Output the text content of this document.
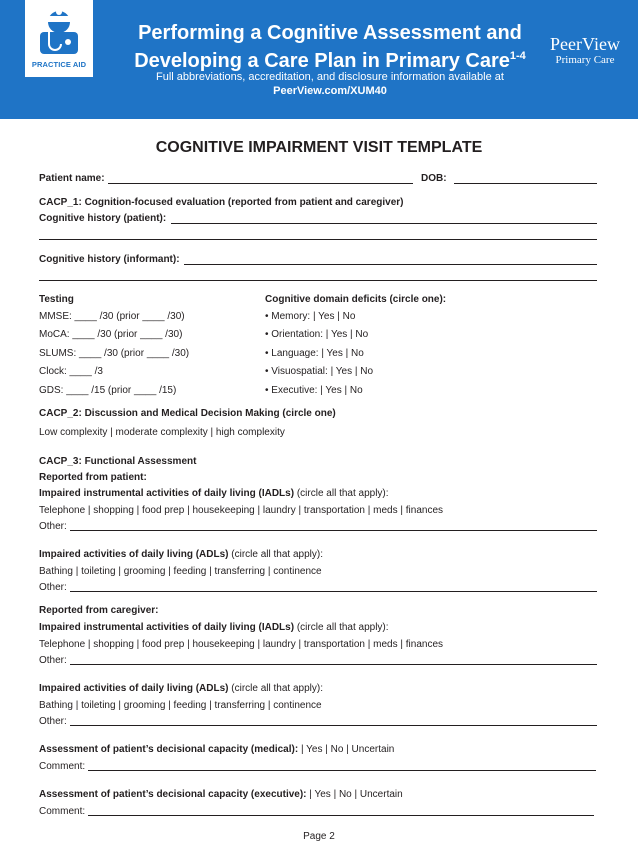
PRACTICE AID
Performing a Cognitive Assessment and
Developing a Care Plan in Primary Care$^{1-4}$
Full abbreviations, accreditation, and disclosure information available at
PeerView.com/XUM40
PeerView
Primary Care
COGNITIVE IMPAIRMENT VISIT TEMPLATE
Patient name:	DOB:
CACP_1: Cognition-focused evaluation (reported from patient and caregiver)
Cognitive history (patient):
Cognitive history (informant):
Testing
MMSE: ____ /30 (prior ____ /30)
MoCA: ____ /30 (prior ____ /30)
SLUMS: ____ /30 (prior ____ /30)
Clock: ____ /3
GDS: ____ /15 (prior ____ /15)
Cognitive domain deficits (circle one):
• Memory: | Yes | No
• Orientation: | Yes | No
• Language: | Yes | No
• Visuospatial: | Yes | No
• Executive: | Yes | No
CACP_2: Discussion and Medical Decision Making (circle one)
Low complexity | moderate complexity | high complexity
CACP_3: Functional Assessment
Reported from patient:
Impaired instrumental activities of daily living (IADLs) (circle all that apply):
Telephone | shopping | food prep | housekeeping | laundry | transportation | meds | finances
Other:
Impaired activities of daily living (ADLs) (circle all that apply):
Bathing | toileting | grooming | feeding | transferring | continence
Other:
Reported from caregiver:
Impaired instrumental activities of daily living (IADLs) (circle all that apply):
Telephone | shopping | food prep | housekeeping | laundry | transportation | meds | finances
Other:
Impaired activities of daily living (ADLs) (circle all that apply):
Bathing | toileting | grooming | feeding | transferring | continence
Other:
Assessment of patient’s decisional capacity (medical): | Yes | No | Uncertain
Comment:
Assessment of patient’s decisional capacity (executive): | Yes | No | Uncertain
Comment:
Page 2
